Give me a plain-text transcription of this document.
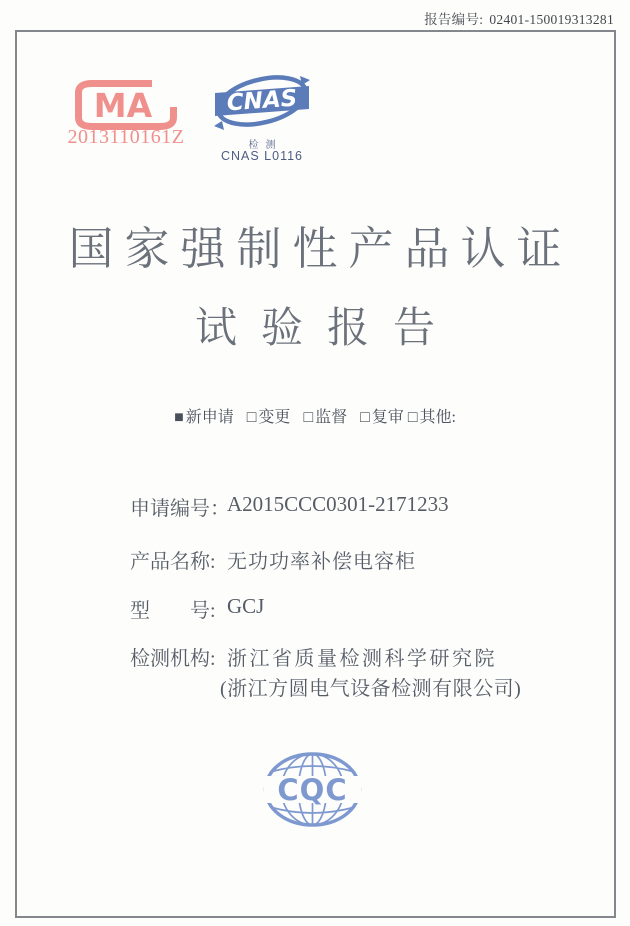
报告编号: 02401-150019313281
MA
2013110161Z
CNAS
检测
CNAS L0116
国家强制性产品认证
试验报告
■ 新申请 □ 变更 □ 监督 □ 复审 □ 其他:
申请编号：
A2015CCC0301-2171233
产品名称: 无功功率补偿电容柜
型　　号: GCJ
检测机构: 浙江省质量检测科学研究院
(浙江方圆电气设备检测有限公司)
CQC
